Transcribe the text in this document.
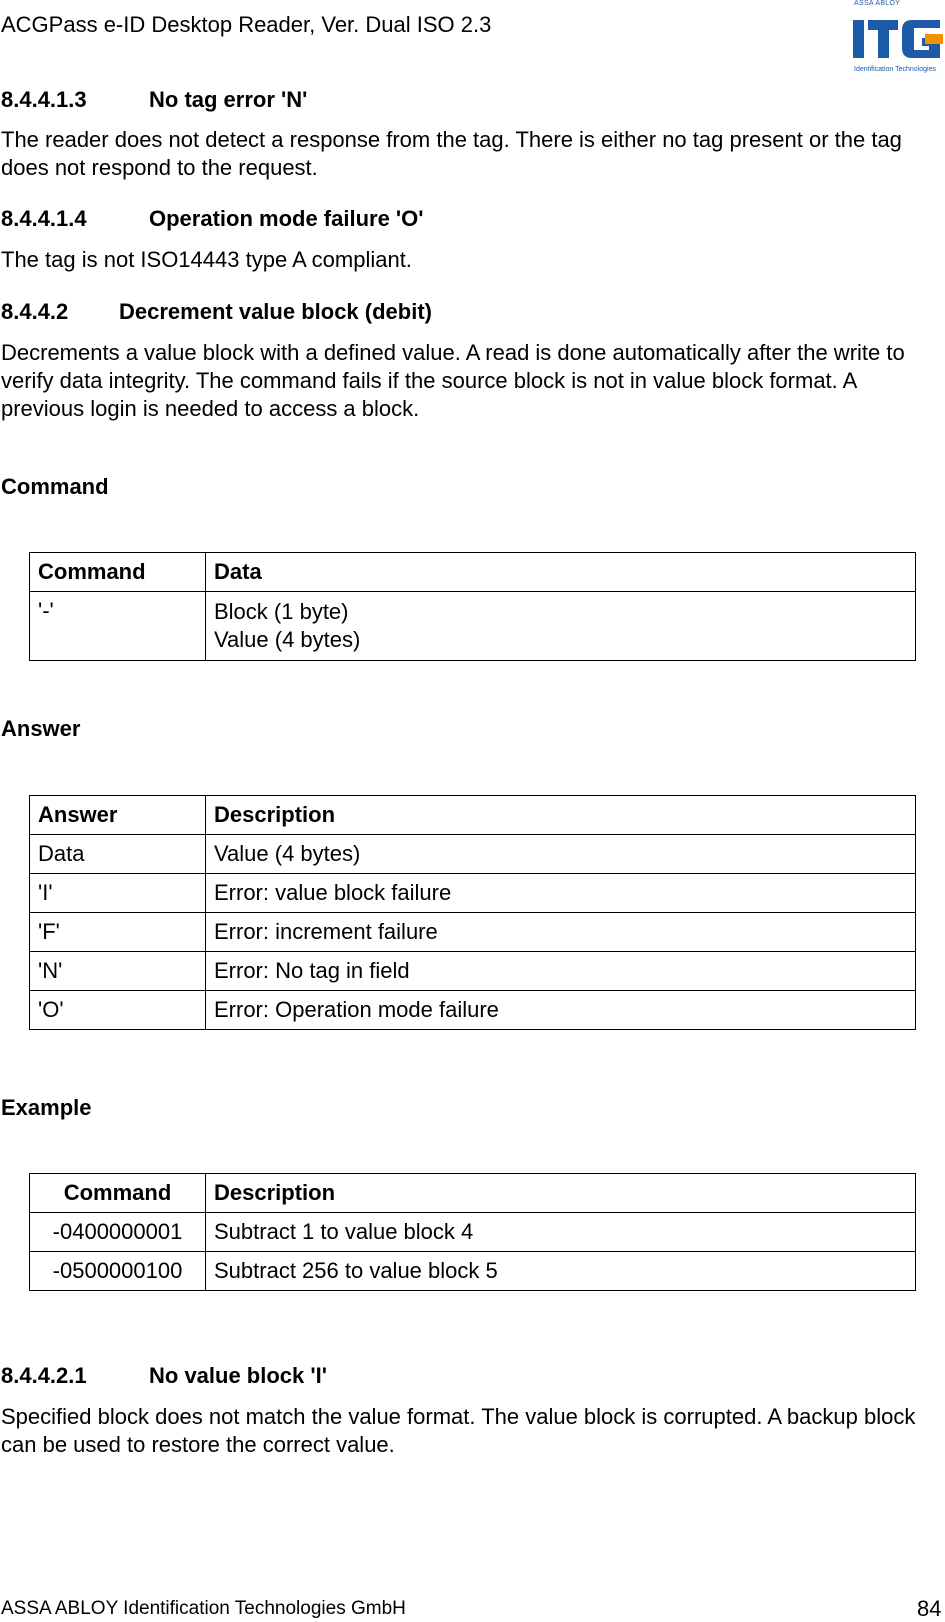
ACGPass e-ID Desktop Reader, Ver. Dual ISO 2.3
ASSA ABLOY
Identification Technologies
8.4.4.1.3	No tag error 'N'
The reader does not detect a response from the tag. There is either no tag present or the tag does not respond to the request.
8.4.4.1.4	Operation mode failure 'O'
The tag is not ISO14443 type A compliant.
8.4.4.2 Decrement value block (debit)
Decrements a value block with a defined value. A read is done automatically after the write to verify data integrity. The command fails if the source block is not in value block format. A previous login is needed to access a block.
Command
Command	Data
'-'	Block (1 byte)
Value (4 bytes)
Answer
Answer	Description
Data	Value (4 bytes)
'I'	Error: value block failure
'F'	Error: increment failure
'N'	Error: No tag in field
'O'	Error: Operation mode failure
Example
Command	Description
-0400000001	Subtract 1 to value block 4
-0500000100	Subtract 256 to value block 5
8.4.4.2.1	No value block 'I'
Specified block does not match the value format. The value block is corrupted. A backup block can be used to restore the correct value.
ASSA ABLOY Identification Technologies GmbH	84
